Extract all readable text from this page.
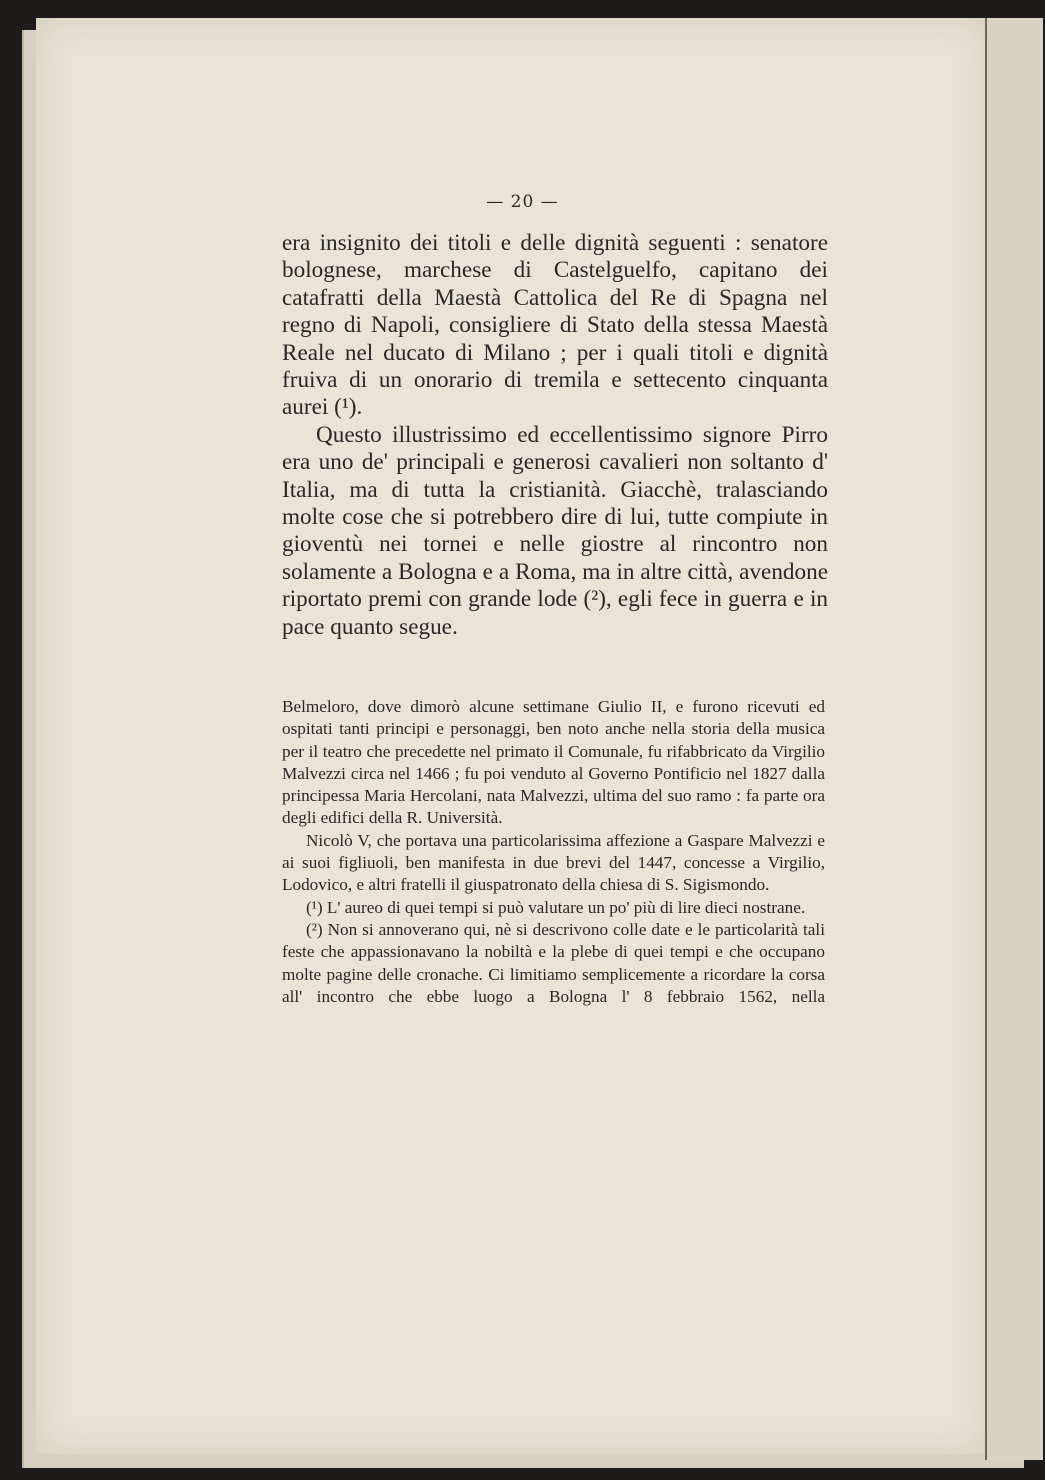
— 20 —

era insignito dei titoli e delle dignità seguenti : senatore bolognese, marchese di Castelguelfo, capitano dei catafratti della Maestà Cattolica del Re di Spagna nel regno di Napoli, consigliere di Stato della stessa Maestà Reale nel ducato di Milano ; per i quali titoli e dignità fruiva di un onorario di tremila e settecento cinquanta aurei (¹).

Questo illustrissimo ed eccellentissimo signore Pirro era uno de' principali e generosi cavalieri non soltanto d' Italia, ma di tutta la cristianità. Giacchè, tralasciando molte cose che si potrebbero dire di lui, tutte compiute in gioventù nei tornei e nelle giostre al rincontro non solamente a Bologna e a Roma, ma in altre città, avendone riportato premi con grande lode (²), egli fece in guerra e in pace quanto segue.

Belmeloro, dove dimorò alcune settimane Giulio II, e furono ricevuti ed ospitati tanti principi e personaggi, ben noto anche nella storia della musica per il teatro che precedette nel primato il Comunale, fu rifabbricato da Virgilio Malvezzi circa nel 1466 ; fu poi venduto al Governo Pontificio nel 1827 dalla principessa Maria Hercolani, nata Malvezzi, ultima del suo ramo : fa parte ora degli edifici della R. Università.

Nicolò V, che portava una particolarissima affezione a Gaspare Malvezzi e ai suoi figliuoli, ben manifesta in due brevi del 1447, concesse a Virgilio, Lodovico, e altri fratelli il giuspatronato della chiesa di S. Sigismondo.

(¹) L' aureo di quei tempi si può valutare un po' più di lire dieci nostrane.

(²) Non si annoverano qui, nè si descrivono colle date e le particolarità tali feste che appassionavano la nobiltà e la plebe di quei tempi e che occupano molte pagine delle cronache. Ci limitiamo semplicemente a ricordare la corsa all' incontro che ebbe luogo a Bologna l' 8 febbraio 1562, nella
